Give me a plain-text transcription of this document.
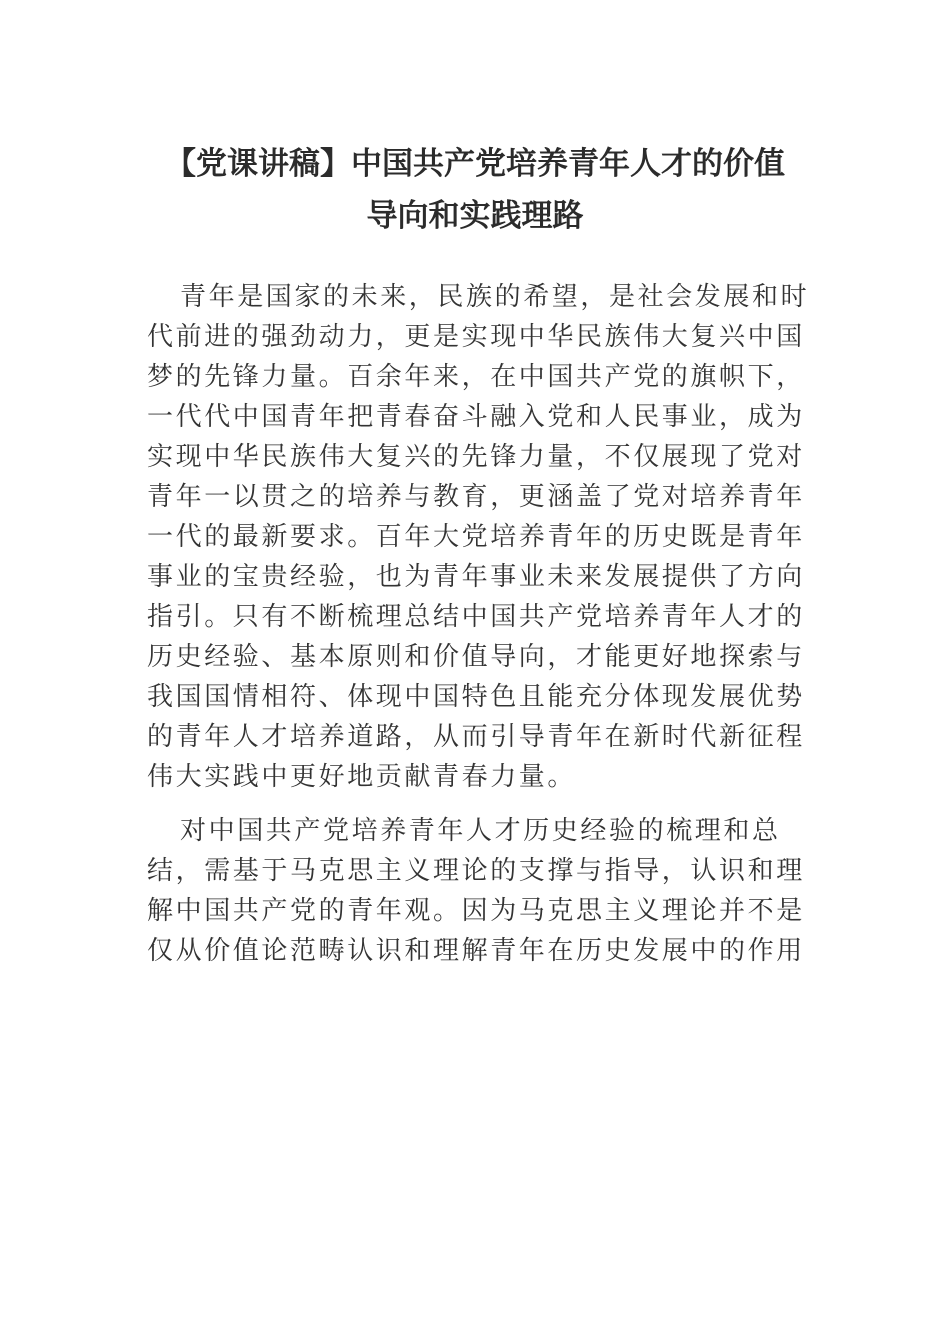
【党课讲稿】中国共产党培养青年人才的价值
导向和实践理路
青年是国家的未来，民族的希望，是社会发展和时
代前进的强劲动力，更是实现中华民族伟大复兴中国
梦的先锋力量。百余年来，在中国共产党的旗帜下，
一代代中国青年把青春奋斗融入党和人民事业，成为
实现中华民族伟大复兴的先锋力量，不仅展现了党对
青年一以贯之的培养与教育，更涵盖了党对培养青年
一代的最新要求。百年大党培养青年的历史既是青年
事业的宝贵经验，也为青年事业未来发展提供了方向
指引。只有不断梳理总结中国共产党培养青年人才的
历史经验、基本原则和价值导向，才能更好地探索与
我国国情相符、体现中国特色且能充分体现发展优势
的青年人才培养道路，从而引导青年在新时代新征程
伟大实践中更好地贡献青春力量。
对中国共产党培养青年人才历史经验的梳理和总
结，需基于马克思主义理论的支撑与指导，认识和理
解中国共产党的青年观。因为马克思主义理论并不是
仅从价值论范畴认识和理解青年在历史发展中的作用
